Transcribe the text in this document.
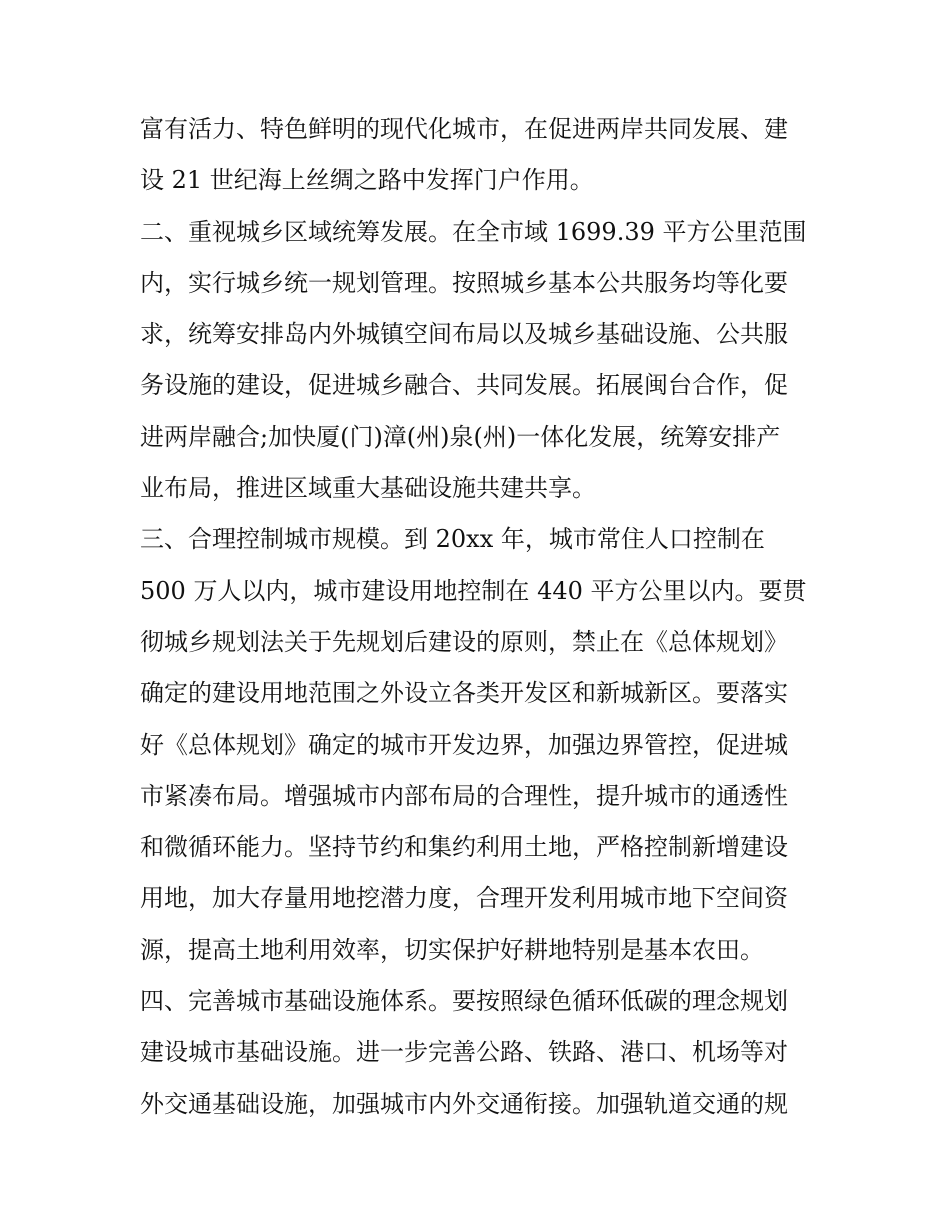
富有活力、特色鲜明的现代化城市，在促进两岸共同发展、建
设 21 世纪海上丝绸之路中发挥门户作用。
二、重视城乡区域统筹发展。在全市域 1699.39 平方公里范围
内，实行城乡统一规划管理。按照城乡基本公共服务均等化要
求，统筹安排岛内外城镇空间布局以及城乡基础设施、公共服
务设施的建设，促进城乡融合、共同发展。拓展闽台合作，促
进两岸融合;加快厦(门)漳(州)泉(州)一体化发展，统筹安排产
业布局，推进区域重大基础设施共建共享。
三、合理控制城市规模。到 20xx 年，城市常住人口控制在
500 万人以内，城市建设用地控制在 440 平方公里以内。要贯
彻城乡规划法关于先规划后建设的原则，禁止在《总体规划》
确定的建设用地范围之外设立各类开发区和新城新区。要落实
好《总体规划》确定的城市开发边界，加强边界管控，促进城
市紧凑布局。增强城市内部布局的合理性，提升城市的通透性
和微循环能力。坚持节约和集约利用土地，严格控制新增建设
用地，加大存量用地挖潜力度，合理开发利用城市地下空间资
源，提高土地利用效率，切实保护好耕地特别是基本农田。
四、完善城市基础设施体系。要按照绿色循环低碳的理念规划
建设城市基础设施。进一步完善公路、铁路、港口、机场等对
外交通基础设施，加强城市内外交通衔接。加强轨道交通的规
